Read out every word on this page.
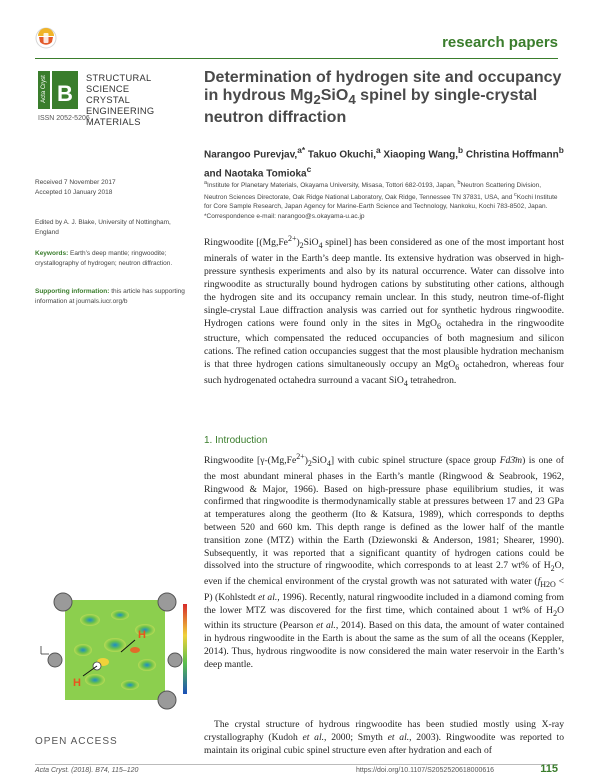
research papers
Acta Cryst B
STRUCTURAL SCIENCE
CRYSTAL ENGINEERING
MATERIALS
ISSN 2052-5206
Determination of hydrogen site and occupancy in hydrous $Mg_2SiO_4$ spinel by single-crystal neutron diffraction
Narangoo Purevjav,$^{a*}$ Takuo Okuchi,$^a$ Xiaoping Wang,$^b$ Christina Hoffmann$^b$ and Naotaka Tomioka$^c$
$^a$Institute for Planetary Materials, Okayama University, Misasa, Tottori 682-0193, Japan, $^b$Neutron Scattering Division, Neutron Sciences Directorate, Oak Ridge National Laboratory, Oak Ridge, Tennessee TN 37831, USA, and $^c$Kochi Institute for Core Sample Research, Japan Agency for Marine-Earth Science and Technology, Nankoku, Kochi 783-8502, Japan.
*Correspondence e-mail: narangoo@s.okayama-u.ac.jp
Received 7 November 2017
Accepted 10 January 2018
Edited by A. J. Blake, University of Nottingham, England
Keywords: Earth’s deep mantle; ringwoodite; crystallography of hydrogen; neutron diffraction.
Supporting information: this article has supporting information at journals.iucr.org/b
Ringwoodite [$(Mg,Fe^{2+})_2SiO_4$ spinel] has been considered as one of the most important host minerals of water in the Earth’s deep mantle. Its extensive hydration was observed in high-pressure synthesis experiments and also by its natural occurrence. Water can dissolve into ringwoodite as structurally bound hydrogen cations by substituting other cations, although the hydrogen site and its occupancy remain unclear. In this study, neutron time-of-flight single-crystal Laue diffraction analysis was carried out for synthetic hydrous ringwoodite. Hydrogen cations were found only in the sites in MgO$_6$ octahedra in the ringwoodite structure, which compensated the reduced occupancies of both magnesium and silicon cations. The refined cation occupancies suggest that the most plausible hydration mechanism is that three hydrogen cations simultaneously occupy an MgO$_6$ octahedron, whereas four such hydrogenated octahedra surround a vacant SiO$_4$ tetrahedron.
1. Introduction
Ringwoodite $[\gamma-(Mg,Fe^{2+})_2SiO_4]$ with cubic spinel structure (space group Fd3̄m) is one of the most abundant mineral phases in the Earth’s mantle (Ringwood & Seabrook, 1962, Ringwood & Major, 1966). Based on high-pressure phase equilibrium studies, it was confirmed that ringwoodite is thermodynamically stable at pressures between 17 and 23 GPa at temperatures along the geotherm (Ito & Katsura, 1989), which corresponds to depths between 520 and 660 km. This depth range is defined as the lower half of the mantle transition zone (MTZ) within the Earth (Dziewonski & Anderson, 1981; Shearer, 1990). Subsequently, it was reported that a significant quantity of hydrogen cations could be dissolved into the structure of ringwoodite, which corresponds to at least 2.7 wt% of $H_2O$, even if the chemical environment of the crystal growth was not saturated with water $(f_{H2O} < P)$ (Kohlstedt et al., 1996). Recently, natural ringwoodite included in a diamond coming from the lower MTZ was discovered for the first time, which contained about 1 wt% of $H_2O$ within its structure (Pearson et al., 2014). Based on this data, the amount of water contained in hydrous ringwoodite in the Earth is about the same as the sum of all the oceans (Keppler, 2014). Thus, hydrous ringwoodite is now considered the main water reservoir in the Earth’s deep mantle.
The crystal structure of hydrous ringwoodite has been studied mostly using X-ray crystallography (Kudoh et al., 2000; Smyth et al., 2003). Ringwoodite was reported to maintain its original cubic spinel structure even after hydration and each of
H
H
OPEN ACCESS
Acta Cryst. (2018). B74, 115–120	https://doi.org/10.1107/S2052520618000616	115
